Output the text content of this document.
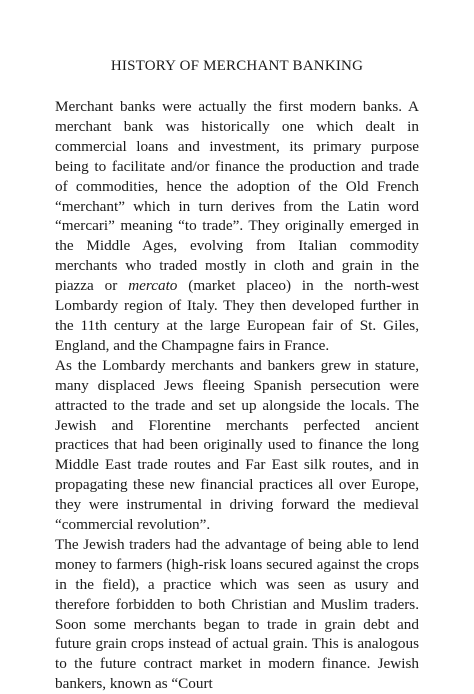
HISTORY OF MERCHANT BANKING

Merchant banks were actually the first modern banks. A merchant bank was historically one which dealt in commercial loans and investment, its primary purpose being to facilitate and/or finance the production and trade of commodities, hence the adoption of the Old French “merchant” which in turn derives from the Latin word “mercari” meaning “to trade”. They originally emerged in the Middle Ages, evolving from Italian commodity merchants who traded mostly in cloth and grain in the piazza or mercato (market placeo) in the north-west Lombardy region of Italy. They then developed further in the 11th century at the large European fair of St. Giles, England, and the Champagne fairs in France.

As the Lombardy merchants and bankers grew in stature, many displaced Jews fleeing Spanish persecution were attracted to the trade and set up alongside the locals. The Jewish and Florentine merchants perfected ancient practices that had been originally used to finance the long Middle East trade routes and Far East silk routes, and in propagating these new financial practices all over Europe, they were instrumental in driving forward the medieval “commercial revolution”.

The Jewish traders had the advantage of being able to lend money to farmers (high-risk loans secured against the crops in the field), a practice which was seen as usury and therefore forbidden to both Christian and Muslim traders. Soon some merchants began to trade in grain debt and future grain crops instead of actual grain. This is analogous to the future contract market in modern finance. Jewish bankers, known as “Court
